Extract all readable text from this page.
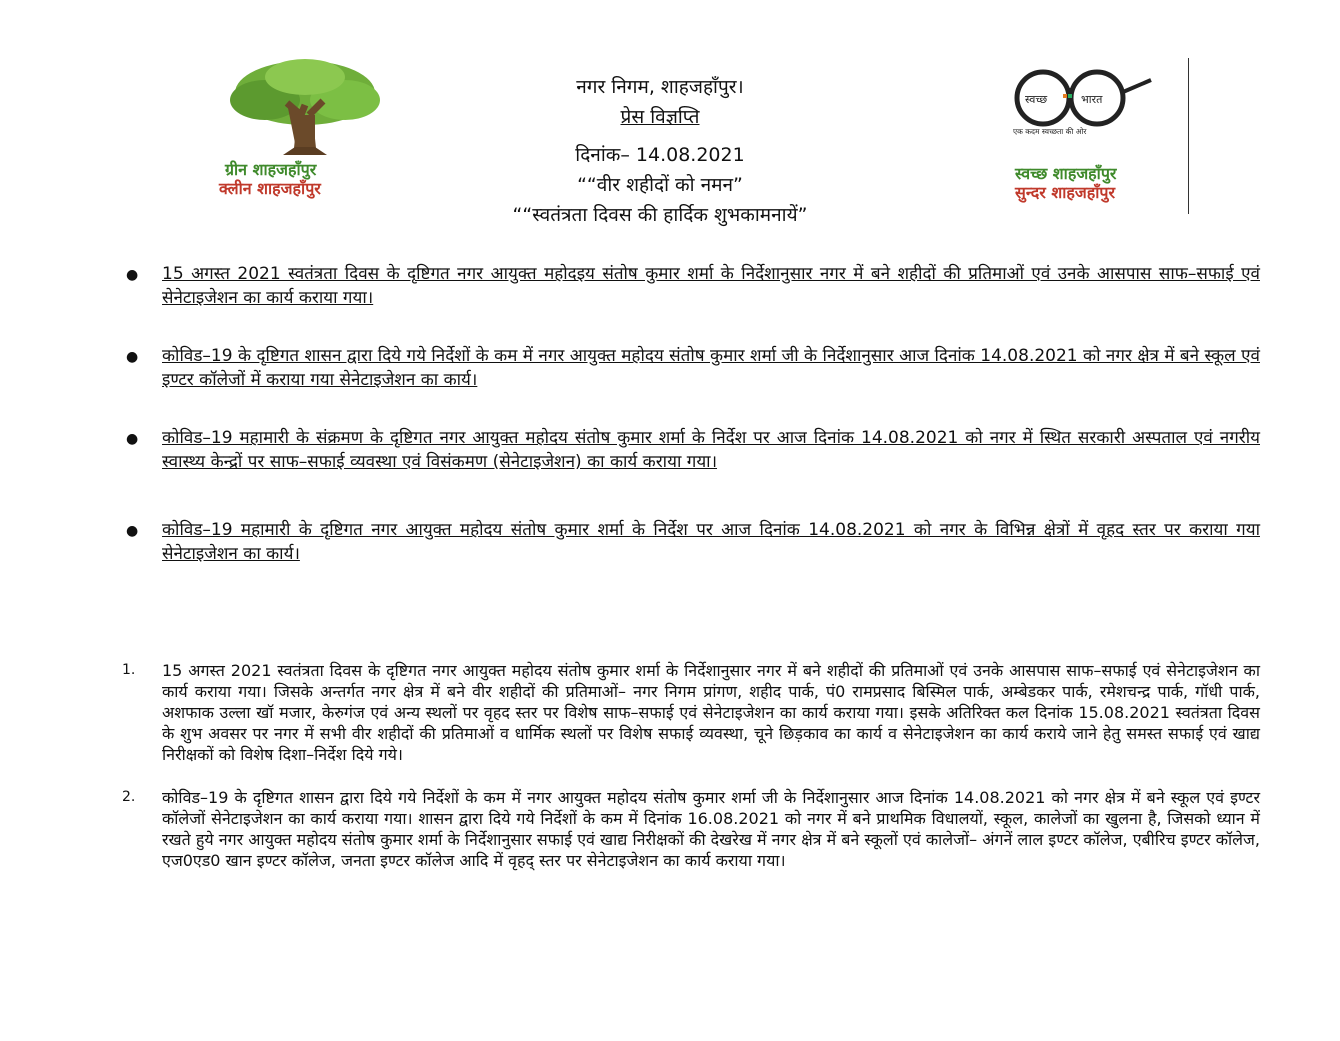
ग्रीन शाहजहाँपुर
क्लीन शाहजहाँपुर
नगर निगम, शाहजहाँपुर।
प्रेस विज्ञप्ति
दिनांक– 14.08.2021
““वीर शहीदों को नमन”
““स्वतंत्रता दिवस की हार्दिक शुभकामनायें”
स्वच्छ	भारत
एक कदम स्वच्छता की ओर
स्वच्छ शाहजहाँपुर
सुन्दर शाहजहाँपुर
● 15 अगस्त 2021 स्वतंत्रता दिवस के दृष्टिगत नगर आयुक्त महोदइय संतोष कुमार शर्मा के निर्देशानुसार नगर में बने शहीदों की प्रतिमाओं एवं उनके आसपास साफ–सफाई एवं सेनेटाइजेशन का कार्य कराया गया।
● कोविड–19 के दृष्टिगत शासन द्वारा दिये गये निर्देशों के कम में नगर आयुक्त महोदय संतोष कुमार शर्मा जी के निर्देशानुसार आज दिनांक 14.08.2021 को नगर क्षेत्र में बने स्कूल एवं इण्टर कॉलेजों में कराया गया सेनेटाइजेशन का कार्य।
● कोविड–19 महामारी के संक्रमण के दृष्टिगत नगर आयुक्त महोदय संतोष कुमार शर्मा के निर्देश पर आज दिनांक 14.08.2021 को नगर में स्थित सरकारी अस्पताल एवं नगरीय स्वास्थ्य केन्द्रों पर साफ–सफाई व्यवस्था एवं विसंकमण (सेनेटाइजेशन) का कार्य कराया गया।
● कोविड–19 महामारी के दृष्टिगत नगर आयुक्त महोदय संतोष कुमार शर्मा के निर्देश पर आज दिनांक 14.08.2021 को नगर के विभिन्न क्षेत्रों में वृहद स्तर पर कराया गया सेनेटाइजेशन का कार्य।
1. 15 अगस्त 2021 स्वतंत्रता दिवस के दृष्टिगत नगर आयुक्त महोदय संतोष कुमार शर्मा के निर्देशानुसार नगर में बने शहीदों की प्रतिमाओं एवं उनके आसपास साफ–सफाई एवं सेनेटाइजेशन का कार्य कराया गया। जिसके अन्तर्गत नगर क्षेत्र में बने वीर शहीदों की प्रतिमाओं– नगर निगम प्रांगण, शहीद पार्क, पं0 रामप्रसाद बिस्मिल पार्क, अम्बेडकर पार्क, रमेशचन्द्र पार्क, गॉधी पार्क, अशफाक उल्ला खॉ मजार, केरुगंज एवं अन्य स्थलों पर वृहद स्तर पर विशेष साफ–सफाई एवं सेनेटाइजेशन का कार्य कराया गया। इसके अतिरिक्त कल दिनांक 15.08.2021 स्वतंत्रता दिवस के शुभ अवसर पर नगर में सभी वीर शहीदों की प्रतिमाओं व धार्मिक स्थलों पर विशेष सफाई व्यवस्था, चूने छिड़काव का कार्य व सेनेटाइजेशन का कार्य कराये जाने हेतु समस्त सफाई एवं खाद्य निरीक्षकों को विशेष दिशा–निर्देश दिये गये।
2. कोविड–19 के दृष्टिगत शासन द्वारा दिये गये निर्देशों के कम में नगर आयुक्त महोदय संतोष कुमार शर्मा जी के निर्देशानुसार आज दिनांक 14.08.2021 को नगर क्षेत्र में बने स्कूल एवं इण्टर कॉलेजों सेनेटाइजेशन का कार्य कराया गया। शासन द्वारा दिये गये निर्देशों के कम में दिनांक 16.08.2021 को नगर में बने प्राथमिक विधालयों, स्कूल, कालेजों का खुलना है, जिसको ध्यान में रखते हुये नगर आयुक्त महोदय संतोष कुमार शर्मा के निर्देशानुसार सफाई एवं खाद्य निरीक्षकों की देखरेख में नगर क्षेत्र में बने स्कूलों एवं कालेजों– अंगनें लाल इण्टर कॉलेज, एबीरिच इण्टर कॉलेज, एज0एड0 खान इण्टर कॉलेज, जनता इण्टर कॉलेज आदि में वृहद् स्तर पर सेनेटाइजेशन का कार्य कराया गया।
